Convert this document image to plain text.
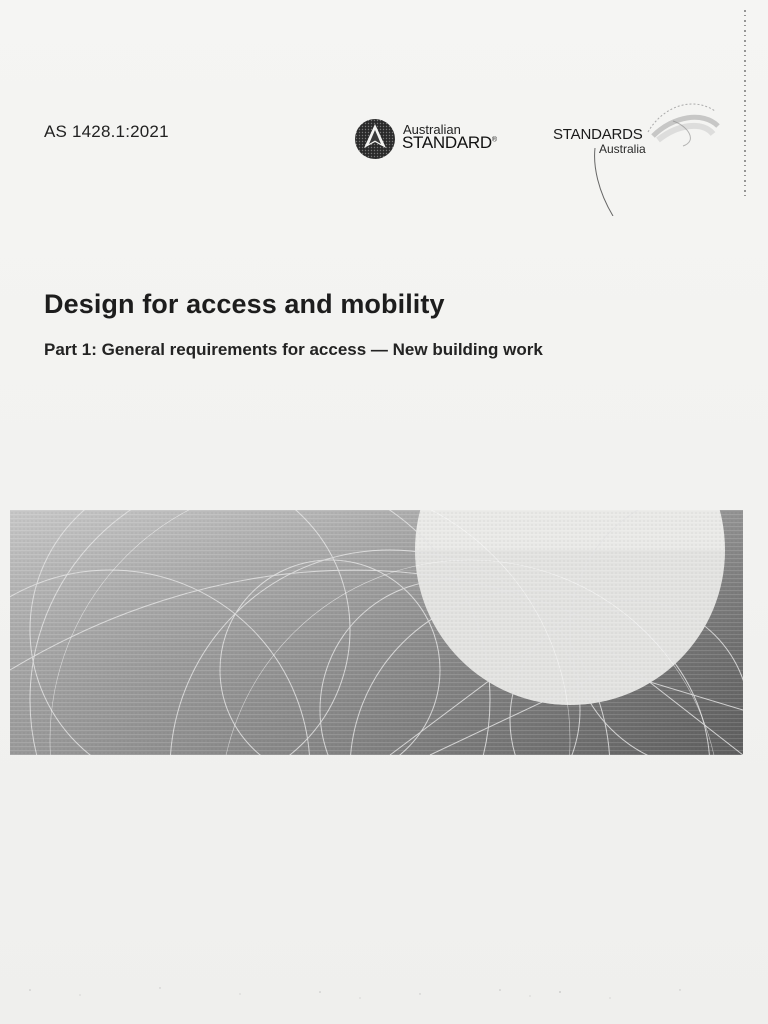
AS 1428.1:2021	Australian
STANDARD®	STANDARDS
Australia
Design for access and mobility
Part 1: General requirements for access — New building work
